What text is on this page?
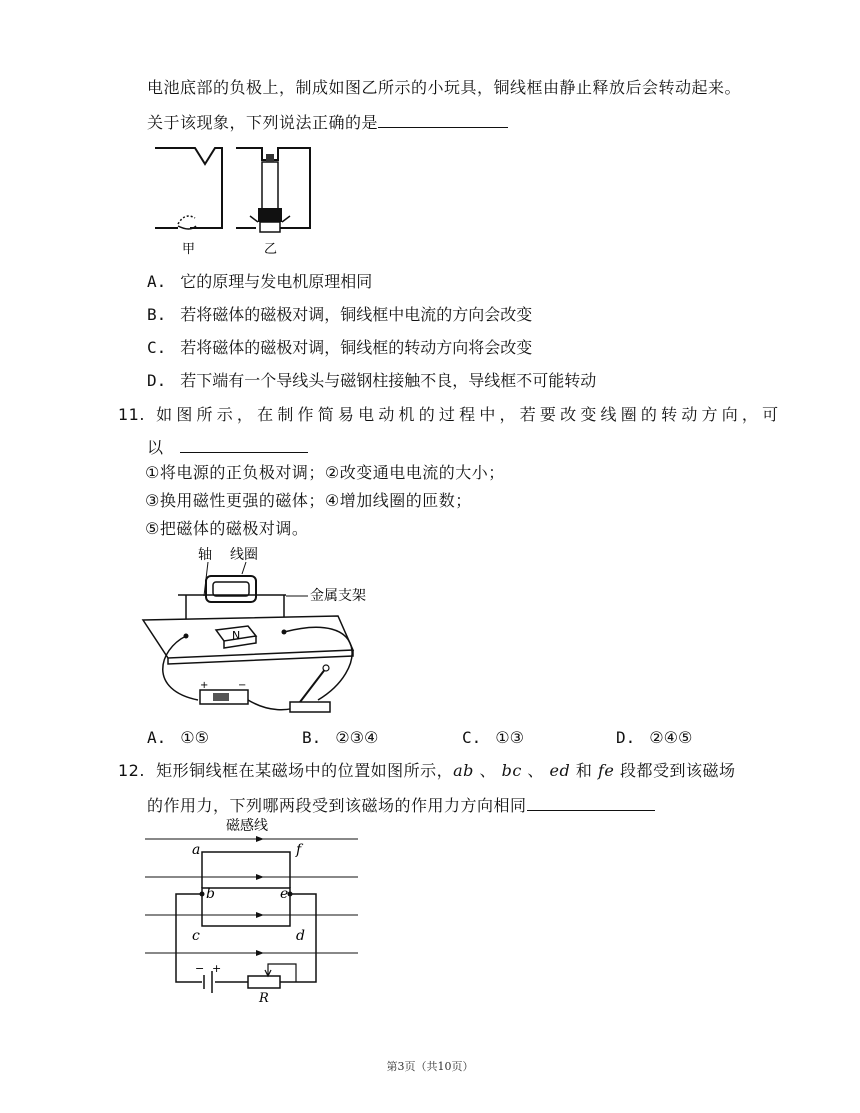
电池底部的负极上，制成如图乙所示的小玩具，铜线框由静止释放后会转动起来。
关于该现象，下列说法正确的是
甲	乙
A. 它的原理与发电机原理相同
B. 若将磁体的磁极对调，铜线框中电流的方向会改变
C. 若将磁体的磁极对调，铜线框的转动方向将会改变
D. 若下端有一个导线头与磁钢柱接触不良，导线框不可能转动
11. 如图所示，在制作简易电动机的过程中，若要改变线圈的转动方向，可
以
①将电源的正负极对调；②改变通电电流的大小；
③换用磁性更强的磁体；④增加线圈的匝数；
⑤把磁体的磁极对调。
轴 线圈
金属支架
N
+	−
A. ①⑤	B. ②③④	C. ①③	D. ②④⑤
12. 矩形铜线框在某磁场中的位置如图所示，ab 、 bc 、 ed 和 fe 段都受到该磁场
的作用力，下列哪两段受到该磁场的作用力方向相同
磁感线
− +
R
a	f
b	e
c	d
第3页（共10页）
